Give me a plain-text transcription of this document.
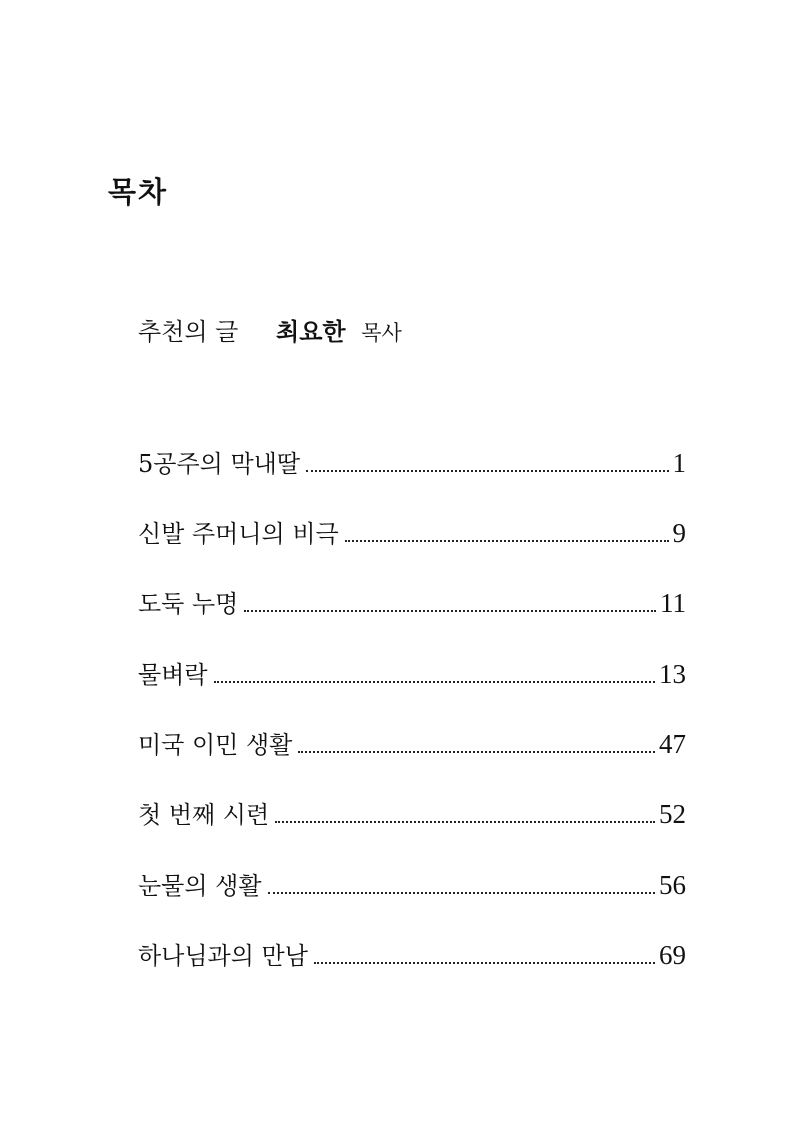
목차
추천의 글 최요한 목사
5공주의 막내딸	1
신발 주머니의 비극	9
도둑 누명	11
물벼락	13
미국 이민 생활	47
첫 번째 시련	52
눈물의 생활	56
하나님과의 만남	69
